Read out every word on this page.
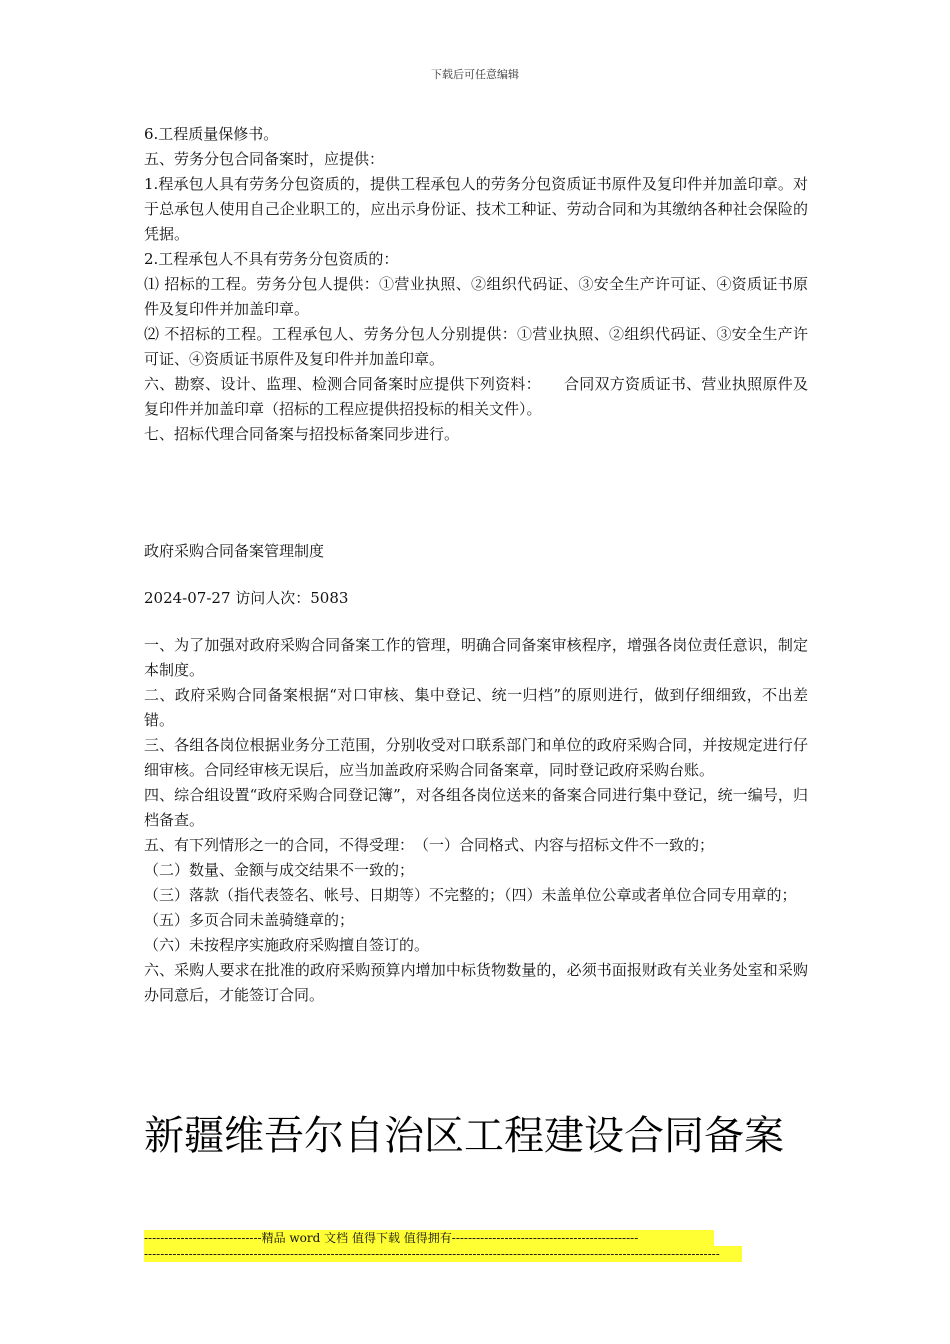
下载后可任意编辑

6.工程质量保修书。

五、劳务分包合同备案时，应提供：

1.程承包人具有劳务分包资质的，提供工程承包人的劳务分包资质证书原件及复印件并加盖印章。对于总承包人使用自己企业职工的，应出示身份证、技术工种证、劳动合同和为其缴纳各种社会保险的凭据。

2.工程承包人不具有劳务分包资质的：

⑴ 招标的工程。劳务分包人提供：①营业执照、②组织代码证、③安全生产许可证、④资质证书原件及复印件并加盖印章。

⑵ 不招标的工程。工程承包人、劳务分包人分别提供：①营业执照、②组织代码证、③安全生产许可证、④资质证书原件及复印件并加盖印章。

六、勘察、设计、监理、检测合同备案时应提供下列资料：　　合同双方资质证书、营业执照原件及复印件并加盖印章（招标的工程应提供招投标的相关文件）。

七、招标代理合同备案与招投标备案同步进行。

政府采购合同备案管理制度

2024-07-27 访问人次：5083

一、为了加强对政府采购合同备案工作的管理，明确合同备案审核程序，增强各岗位责任意识，制定本制度。

二、政府采购合同备案根据“对口审核、集中登记、统一归档”的原则进行，做到仔细细致，不出差错。

三、各组各岗位根据业务分工范围，分别收受对口联系部门和单位的政府采购合同，并按规定进行仔细审核。合同经审核无误后，应当加盖政府采购合同备案章，同时登记政府采购台账。

四、综合组设置“政府采购合同登记簿”，对各组各岗位送来的备案合同进行集中登记，统一编号，归档备查。

五、有下列情形之一的合同，不得受理：　（一）合同格式、内容与招标文件不一致的；

（二）数量、金额与成交结果不一致的；

（三）落款（指代表签名、帐号、日期等）不完整的；（四）未盖单位公章或者单位合同专用章的；

（五）多页合同未盖骑缝章的；

（六）未按程序实施政府采购擅自签订的。

六、采购人要求在批准的政府采购预算内增加中标货物数量的，必须书面报财政有关业务处室和采购办同意后，才能签订合同。

新疆维吾尔自治区工程建设合同备案
-----------------------------精品 word 文档 值得下载 值得拥有----------------------------------------------
----------------------------------------------------------------------------------------------------------------------------------------------
